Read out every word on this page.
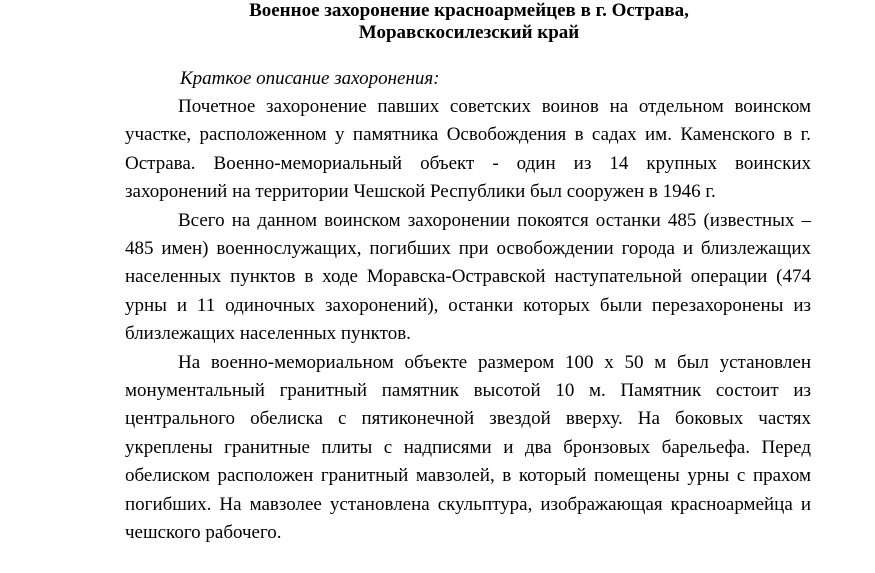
Военное захоронение красноармейцев в г. Острава,
Моравскосилезский край

Краткое описание захоронения:

Почетное захоронение павших советских воинов на отдельном воинском участке, расположенном у памятника Освобождения в садах им. Каменского в г. Острава. Военно-мемориальный объект - один из 14 крупных воинских захоронений на территории Чешской Республики был сооружен в 1946 г.

Всего на данном воинском захоронении покоятся останки 485 (известных – 485 имен) военнослужащих, погибших при освобождении города и близлежащих населенных пунктов в ходе Моравска-Остравской наступательной операции (474 урны и 11 одиночных захоронений), останки которых были перезахоронены из близлежащих населенных пунктов.

На военно-мемориальном объекте размером 100 х 50 м был установлен монументальный гранитный памятник высотой 10 м. Памятник состоит из центрального обелиска с пятиконечной звездой вверху. На боковых частях укреплены гранитные плиты с надписями и два бронзовых барельефа. Перед обелиском расположен гранитный мавзолей, в который помещены урны с прахом погибших. На мавзолее установлена скульптура, изображающая красноармейца и чешского рабочего.
